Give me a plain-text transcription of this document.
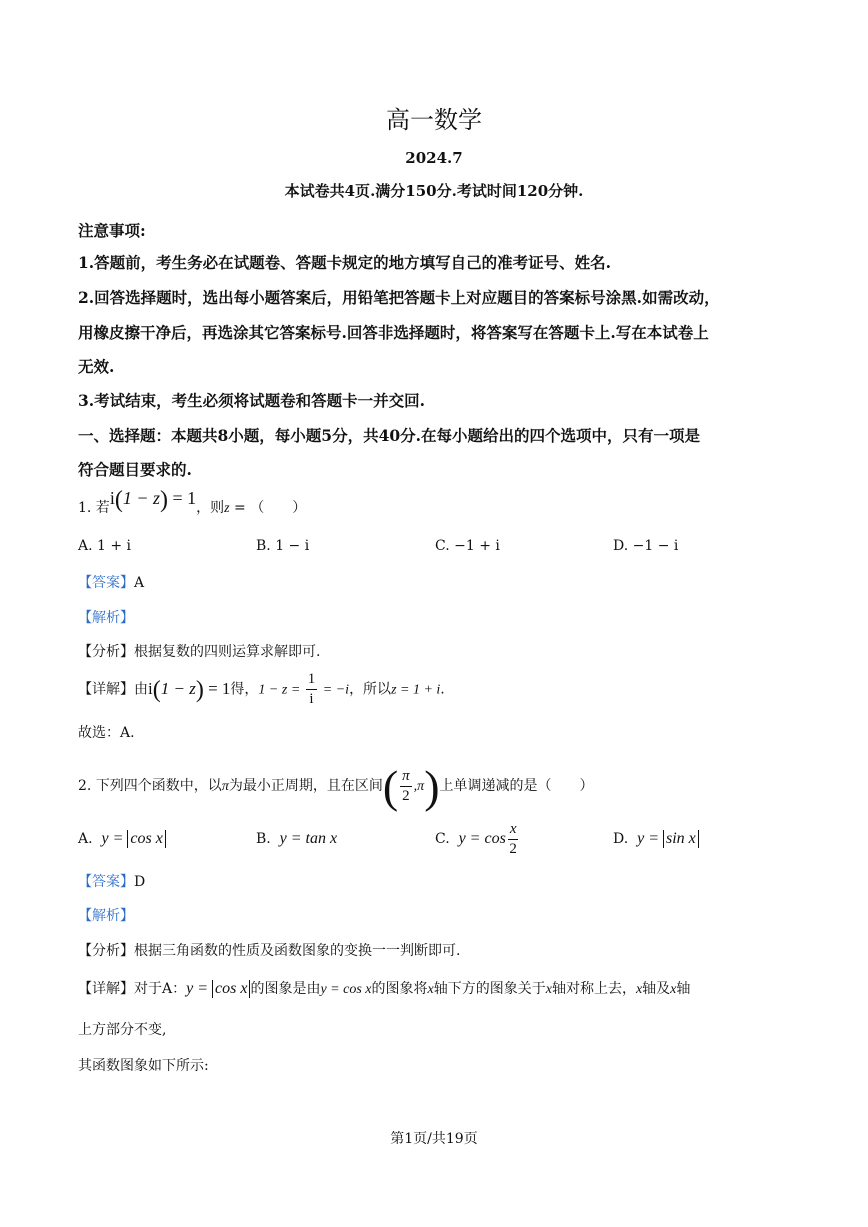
高一数学
2024.7
本试卷共4页.满分150分.考试时间120分钟.
注意事项:
1.答题前，考生务必在试题卷、答题卡规定的地方填写自己的准考证号、姓名.
2.回答选择题时，选出每小题答案后，用铅笔把答题卡上对应题目的答案标号涂黑.如需改动，
用橡皮擦干净后，再选涂其它答案标号.回答非选择题时，将答案写在答题卡上.写在本试卷上
无效.
3.考试结束，考生必须将试题卷和答题卡一并交回.
一、选择题：本题共8小题，每小题5分，共40分.在每小题给出的四个选项中，只有一项是
符合题目要求的.
1. 若i(1 − z) = 1，则z = （　　）
A. 1 + i	B. 1 − i	C. −1 + i	D. −1 − i
【答案】A
【解析】
【分析】根据复数的四则运算求解即可.
【详解】由i(1 − z) = 1得，$1 - z = \frac{1}{i} = -i$，所以z = 1 + i.
故选：A.
2. 下列四个函数中，以π为最小正周期，且在区间( $\frac{\pi}{2} ,\pi$)上单调递减的是（　　）
A. y = cos x	B. y = tan x	C. $y = \cos \frac{x}{2}$	D. y = sin x
【答案】D
【解析】
【分析】根据三角函数的性质及函数图象的变换一一判断即可.
【详解】对于A：y = cos x 的图象是由y = cos x的图象将x轴下方的图象关于x轴对称上去，x轴及x轴
上方部分不变,
其函数图象如下所示:
第1页/共19页
